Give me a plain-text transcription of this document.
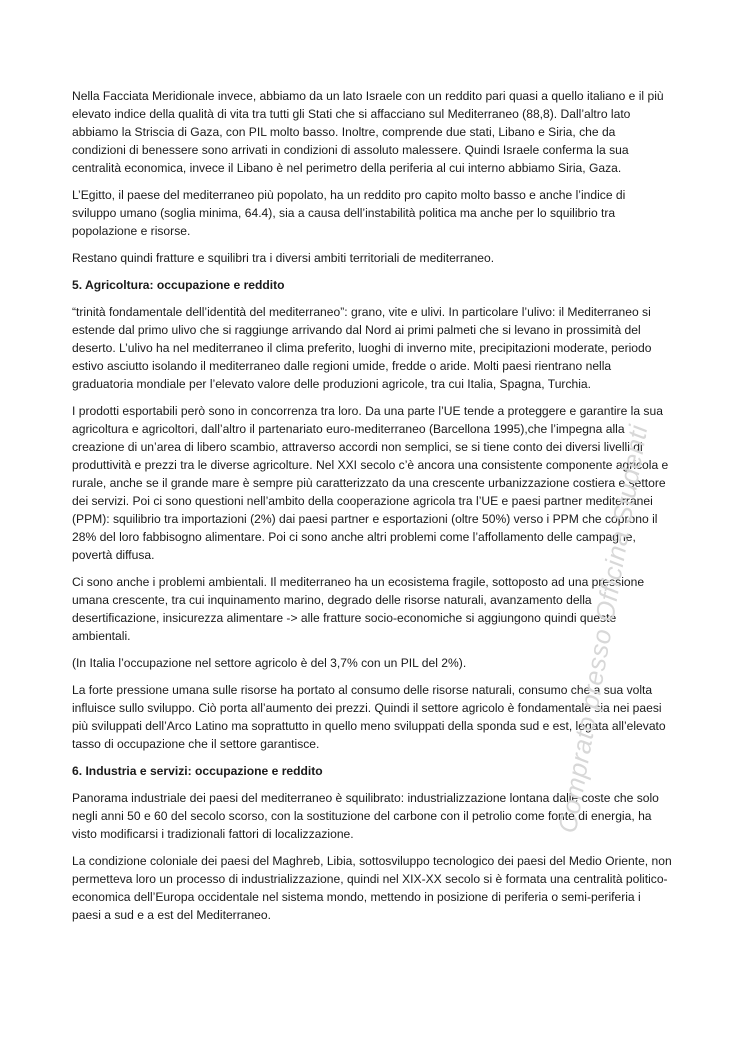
Nella Facciata Meridionale invece, abbiamo da un lato Israele con un reddito pari quasi a quello italiano e il più elevato indice della qualità di vita tra tutti gli Stati che si affacciano sul Mediterraneo (88,8). Dall’altro lato abbiamo la Striscia di Gaza, con PIL molto basso. Inoltre, comprende due stati, Libano e Siria, che da condizioni di benessere sono arrivati in condizioni di assoluto malessere. Quindi Israele conferma la sua centralità economica, invece il Libano è nel perimetro della periferia al cui interno abbiamo Siria, Gaza.

L’Egitto, il paese del mediterraneo più popolato, ha un reddito pro capito molto basso e anche l’indice di sviluppo umano (soglia minima, 64.4), sia a causa dell’instabilità politica ma anche per lo squilibrio tra popolazione e risorse.

Restano quindi fratture e squilibri tra i diversi ambiti territoriali de mediterraneo.

5. Agricoltura: occupazione e reddito

“trinità fondamentale dell’identità del mediterraneo”: grano, vite e ulivi. In particolare l’ulivo: il Mediterraneo si estende dal primo ulivo che si raggiunge arrivando dal Nord ai primi palmeti che si levano in prossimità del deserto. L’ulivo ha nel mediterraneo il clima preferito, luoghi di inverno mite, precipitazioni moderate, periodo estivo asciutto isolando il mediterraneo dalle regioni umide, fredde o aride. Molti paesi rientrano nella graduatoria mondiale per l’elevato valore delle produzioni agricole, tra cui Italia, Spagna, Turchia.

I prodotti esportabili però sono in concorrenza tra loro. Da una parte l’UE tende a proteggere e garantire la sua agricoltura e agricoltori, dall’altro il partenariato euro-mediterraneo (Barcellona 1995),che l’impegna alla creazione di un’area di libero scambio, attraverso accordi non semplici, se si tiene conto dei diversi livelli di produttività e prezzi tra le diverse agricolture. Nel XXI secolo c’è ancora una consistente componente agricola e rurale, anche se il grande mare è sempre più caratterizzato da una crescente urbanizzazione costiera e settore dei servizi. Poi ci sono questioni nell’ambito della cooperazione agricola tra l’UE e paesi partner mediterranei (PPM): squilibrio tra importazioni (2%) dai paesi partner e esportazioni (oltre 50%) verso i PPM che coprono il 28% del loro fabbisogno alimentare. Poi ci sono anche altri problemi come l’affollamento delle campagne, povertà diffusa.

Ci sono anche i problemi ambientali. Il mediterraneo ha un ecosistema fragile, sottoposto ad una pressione umana crescente, tra cui inquinamento marino, degrado delle risorse naturali, avanzamento della desertificazione, insicurezza alimentare -> alle fratture socio-economiche si aggiungono quindi queste ambientali.

(In Italia l’occupazione nel settore agricolo è del 3,7% con un PIL del 2%).

La forte pressione umana sulle risorse ha portato al consumo delle risorse naturali, consumo che a sua volta influisce sullo sviluppo. Ciò porta all’aumento dei prezzi. Quindi il settore agricolo è fondamentale sia nei paesi più sviluppati dell’Arco Latino ma soprattutto in quello meno sviluppati della sponda sud e est, legata all’elevato tasso di occupazione che il settore garantisce.

6. Industria e servizi: occupazione e reddito

Panorama industriale dei paesi del mediterraneo è squilibrato: industrializzazione lontana dalle coste che solo negli anni 50 e 60 del secolo scorso, con la sostituzione del carbone con il petrolio come fonte di energia, ha visto modificarsi i tradizionali fattori di localizzazione.

La condizione coloniale dei paesi del Maghreb, Libia, sottosviluppo tecnologico dei paesi del Medio Oriente, non permetteva loro un processo di industrializzazione, quindi nel XIX-XX secolo si è formata una centralità politico-economica dell’Europa occidentale nel sistema mondo, mettendo in posizione di periferia o semi-periferia i paesi a sud e a est del Mediterraneo.

Comprato presso Officina Studenti
